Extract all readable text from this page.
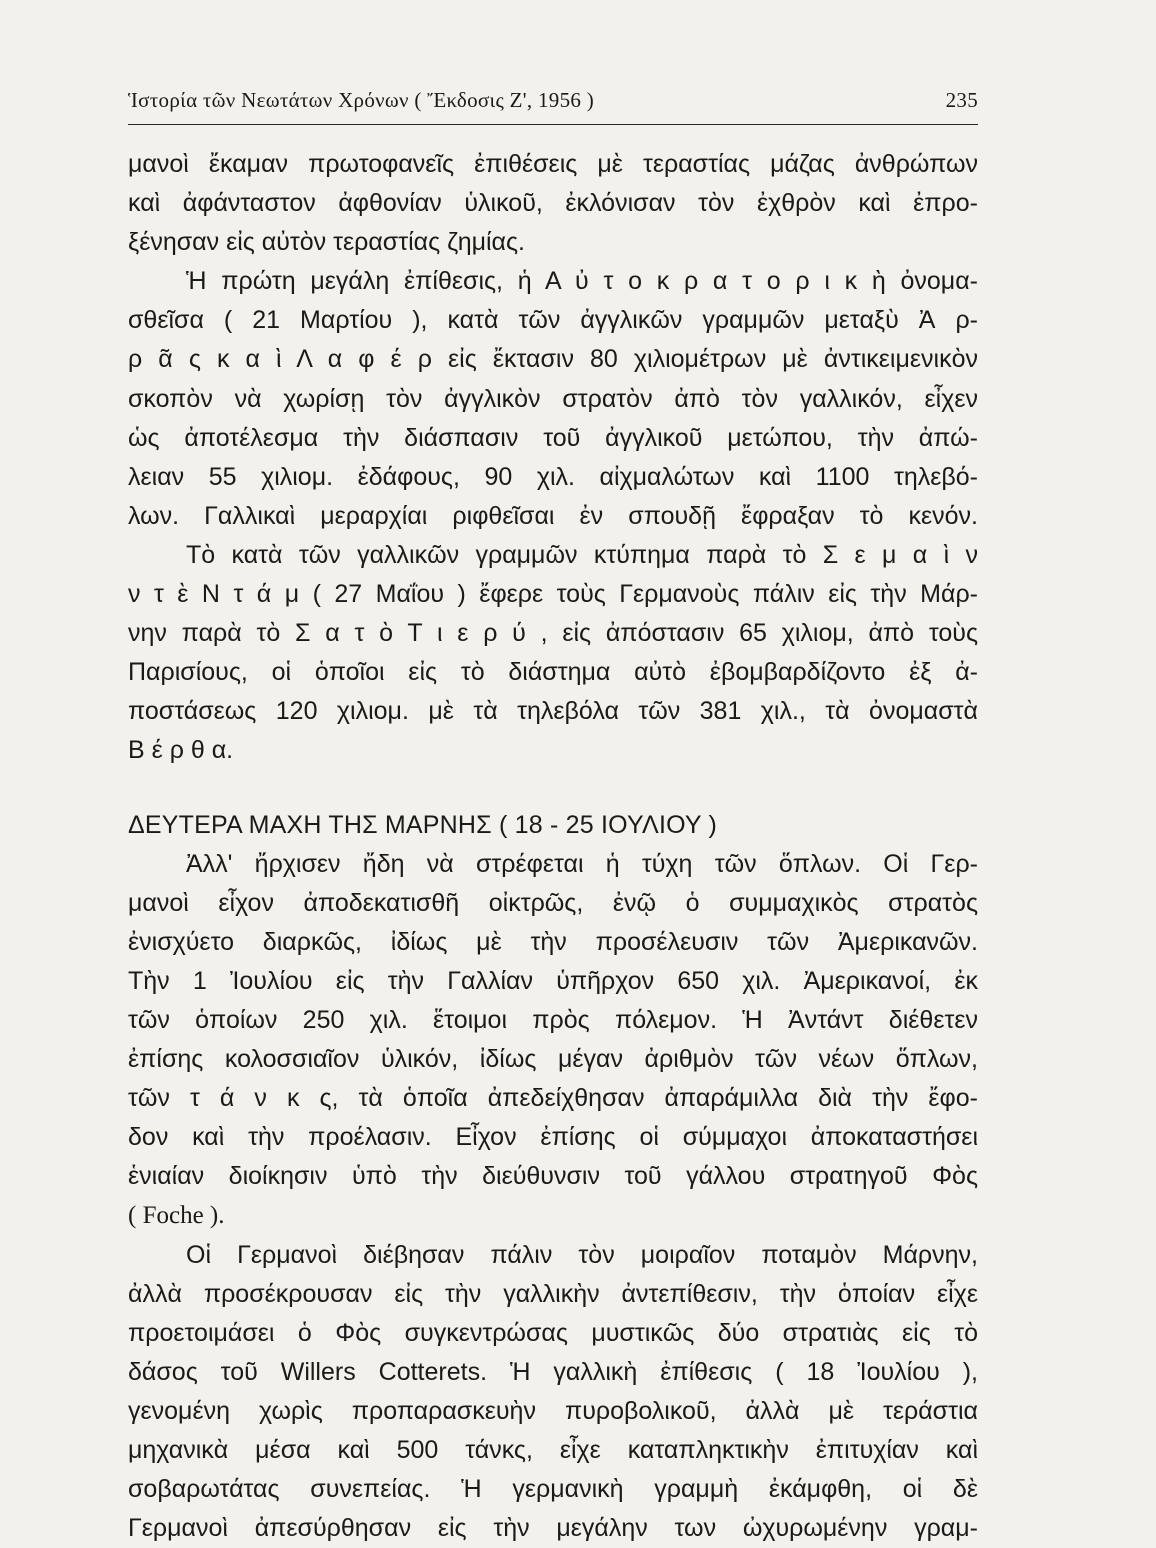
Ἱστορία τῶν Νεωτάτων Χρόνων ( Ἔκδοσις Ζ', 1956 )	235
μανοὶ ἔκαμαν πρωτοφανεῖς ἐπιθέσεις μὲ τεραστίας μάζας ἀνθρώπων
καὶ ἀφάνταστον ἀφθονίαν ὑλικοῦ, ἐκλόνισαν τὸν ἐχθρὸν καὶ ἐπρο-
ξένησαν εἰς αὐτὸν τεραστίας ζημίας.
Ἡ πρώτη μεγάλη ἐπίθεσις, ἡ Α ὐ τ ο κ ρ α τ ο ρ ι κ ὴ ὀνομα-
σθεῖσα ( 21 Μαρτίου ), κατὰ τῶν ἀγγλικῶν γραμμῶν μεταξὺ Ἀ ρ-
ρ ᾶ ς κ α ὶ Λ α φ έ ρ εἰς ἔκτασιν 80 χιλιομέτρων μὲ ἀντικειμενικὸν
σκοπὸν νὰ χωρίσῃ τὸν ἀγγλικὸν στρατὸν ἀπὸ τὸν γαλλικόν, εἶχεν
ὡς ἀποτέλεσμα τὴν διάσπασιν τοῦ ἀγγλικοῦ μετώπου, τὴν ἀπώ-
λειαν 55 χιλιομ. ἐδάφους, 90 χιλ. αἰχμαλώτων καὶ 1100 τηλεβό-
λων. Γαλλικαὶ μεραρχίαι ριφθεῖσαι ἐν σπουδῇ ἔφραξαν τὸ κενόν.
Τὸ κατὰ τῶν γαλλικῶν γραμμῶν κτύπημα παρὰ τὸ Σ ε μ α ὶ ν
ν τ ὲ Ν τ ά μ ( 27 Μαΐου ) ἔφερε τοὺς Γερμανοὺς πάλιν εἰς τὴν Μάρ-
νην παρὰ τὸ Σ α τ ὸ Τ ι ε ρ ύ , εἰς ἀπόστασιν 65 χιλιομ, ἀπὸ τοὺς
Παρισίους, οἱ ὁποῖοι εἰς τὸ διάστημα αὐτὸ ἐβομβαρδίζοντο ἐξ ἀ-
ποστάσεως 120 χιλιομ. μὲ τὰ τηλεβόλα τῶν 381 χιλ., τὰ ὀνομαστὰ
Β έ ρ θ α.
ΔΕΥΤΕΡΑ ΜΑΧΗ ΤΗΣ ΜΑΡΝΗΣ ( 18 - 25 ΙΟΥΛΙΟΥ )
Ἀλλ' ἤρχισεν ἤδη νὰ στρέφεται ἡ τύχη τῶν ὅπλων. Οἱ Γερ-
μανοὶ εἶχον ἀποδεκατισθῆ οἰκτρῶς, ἐνῷ ὁ συμμαχικὸς στρατὸς
ἐνισχύετο διαρκῶς, ἰδίως μὲ τὴν προσέλευσιν τῶν Ἀμερικανῶν.
Τὴν 1 Ἰουλίου εἰς τὴν Γαλλίαν ὑπῆρχον 650 χιλ. Ἀμερικανοί, ἐκ
τῶν ὁποίων 250 χιλ. ἕτοιμοι πρὸς πόλεμον. Ἡ Ἀντάντ διέθετεν
ἐπίσης κολοσσιαῖον ὑλικόν, ἰδίως μέγαν ἀριθμὸν τῶν νέων ὅπλων,
τῶν τ ά ν κ ς, τὰ ὁποῖα ἀπεδείχθησαν ἀπαράμιλλα διὰ τὴν ἔφο-
δον καὶ τὴν προέλασιν. Εἶχον ἐπίσης οἱ σύμμαχοι ἀποκαταστήσει
ἑνιαίαν διοίκησιν ὑπὸ τὴν διεύθυνσιν τοῦ γάλλου στρατηγοῦ Φὸς
( Foche ).
Οἱ Γερμανοὶ διέβησαν πάλιν τὸν μοιραῖον ποταμὸν Μάρνην,
ἀλλὰ προσέκρουσαν εἰς τὴν γαλλικὴν ἀντεπίθεσιν, τὴν ὁποίαν εἶχε
προετοιμάσει ὁ Φὸς συγκεντρώσας μυστικῶς δύο στρατιὰς εἰς τὸ
δάσος τοῦ Willers Cotterets. Ἡ γαλλικὴ ἐπίθεσις ( 18 Ἰουλίου ),
γενομένη χωρὶς προπαρασκευὴν πυροβολικοῦ, ἀλλὰ μὲ τεράστια
μηχανικὰ μέσα καὶ 500 τάνκς, εἶχε καταπληκτικὴν ἐπιτυχίαν καὶ
σοβαρωτάτας συνεπείας. Ἡ γερμανικὴ γραμμὴ ἐκάμφθη, οἱ δὲ
Γερμανοὶ ἀπεσύρθησαν εἰς τὴν μεγάλην των ὠχυρωμένην γραμ-
